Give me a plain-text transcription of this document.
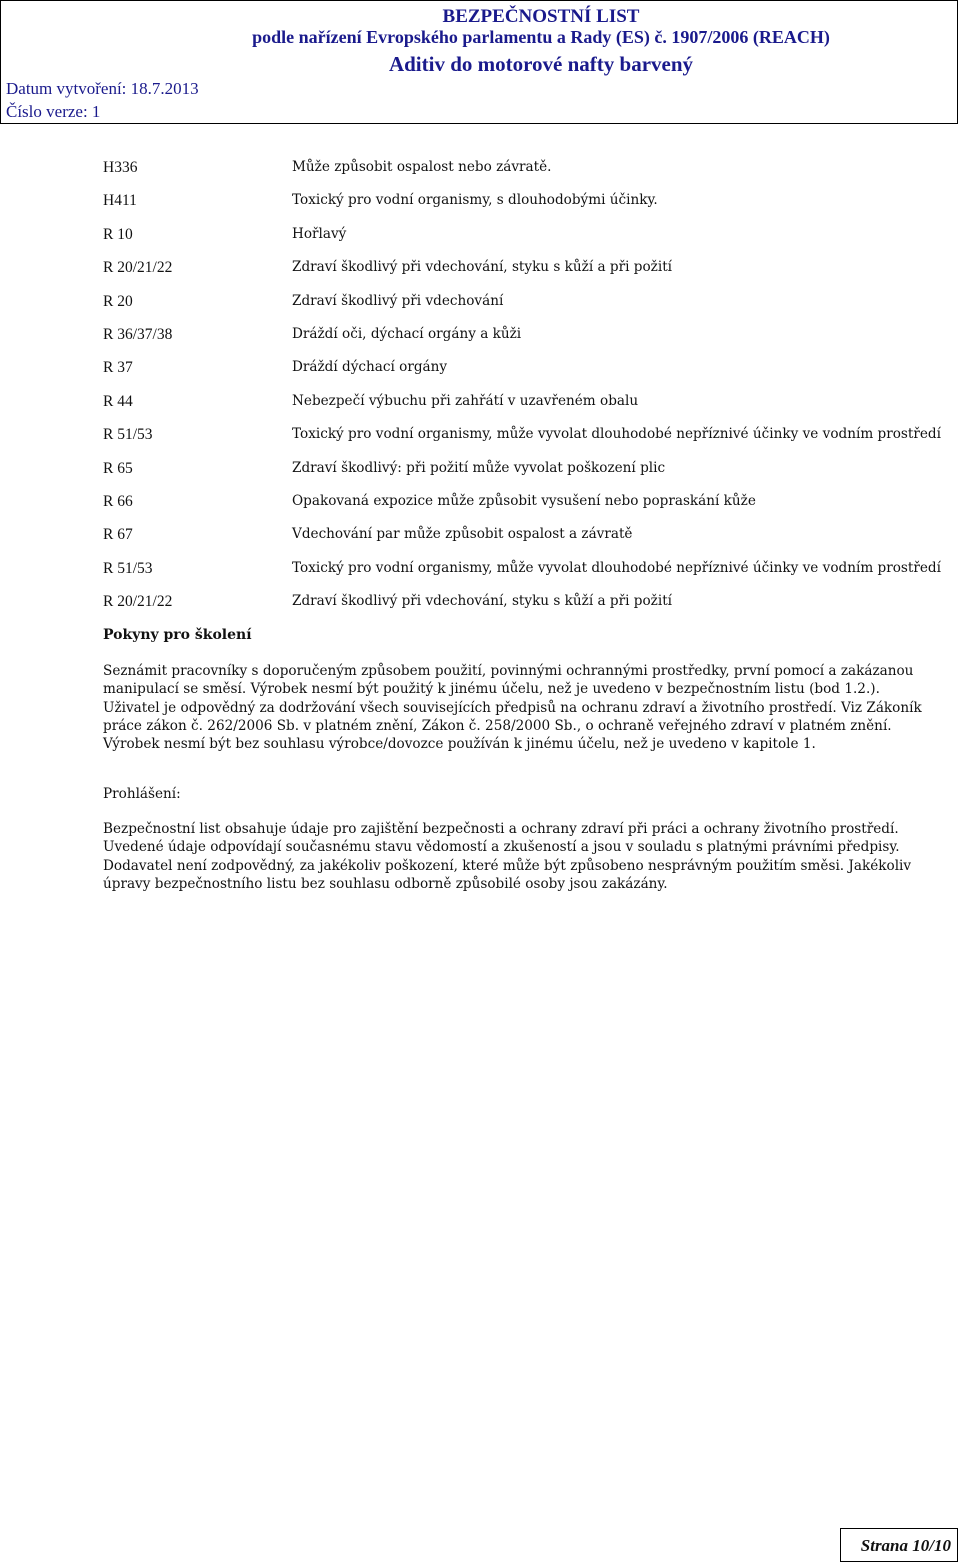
BEZPEČNOSTNÍ LIST
podle nařízení Evropského parlamentu a Rady (ES) č. 1907/2006 (REACH)
Aditiv do motorové nafty barvený
Datum vytvoření: 18.7.2013
Číslo verze: 1
H336	Může způsobit ospalost nebo závratě.
H411	Toxický pro vodní organismy, s dlouhodobými účinky.
R 10	Hořlavý
R 20/21/22	Zdraví škodlivý při vdechování, styku s kůží a při požití
R 20	Zdraví škodlivý při vdechování
R 36/37/38	Dráždí oči, dýchací orgány a kůži
R 37	Dráždí dýchací orgány
R 44	Nebezpečí výbuchu při zahřátí v uzavřeném obalu
R 51/53	Toxický pro vodní organismy, může vyvolat dlouhodobé nepříznivé účinky ve vodním prostředí
R 65	Zdraví škodlivý: při požití může vyvolat poškození plic
R 66	Opakovaná expozice může způsobit vysušení nebo popraskání kůže
R 67	Vdechování par může způsobit ospalost a závratě
R 51/53	Toxický pro vodní organismy, může vyvolat dlouhodobé nepříznivé účinky ve vodním prostředí
R 20/21/22	Zdraví škodlivý při vdechování, styku s kůží a při požití
Pokyny pro školení
Seznámit pracovníky s doporučeným způsobem použití, povinnými ochrannými prostředky, první pomocí a zakázanou manipulací se směsí. Výrobek nesmí být použitý k jinému účelu, než je uvedeno v bezpečnostním listu (bod 1.2.). Uživatel je odpovědný za dodržování všech souvisejících předpisů na ochranu zdraví a životního prostředí. Viz Zákoník práce zákon č. 262/2006 Sb. v platném znění, Zákon č. 258/2000 Sb., o ochraně veřejného zdraví v platném znění. Výrobek nesmí být bez souhlasu výrobce/dovozce používán k jinému účelu, než je uvedeno v kapitole 1.
Prohlášení:
Bezpečnostní list obsahuje údaje pro zajištění bezpečnosti a ochrany zdraví při práci a ochrany životního prostředí. Uvedené údaje odpovídají současnému stavu vědomostí a zkušeností a jsou v souladu s platnými právními předpisy. Dodavatel není zodpovědný, za jakékoliv poškození, které může být způsobeno nesprávným použitím směsi. Jakékoliv úpravy bezpečnostního listu bez souhlasu odborně způsobilé osoby jsou zakázány.
Strana 10/10
